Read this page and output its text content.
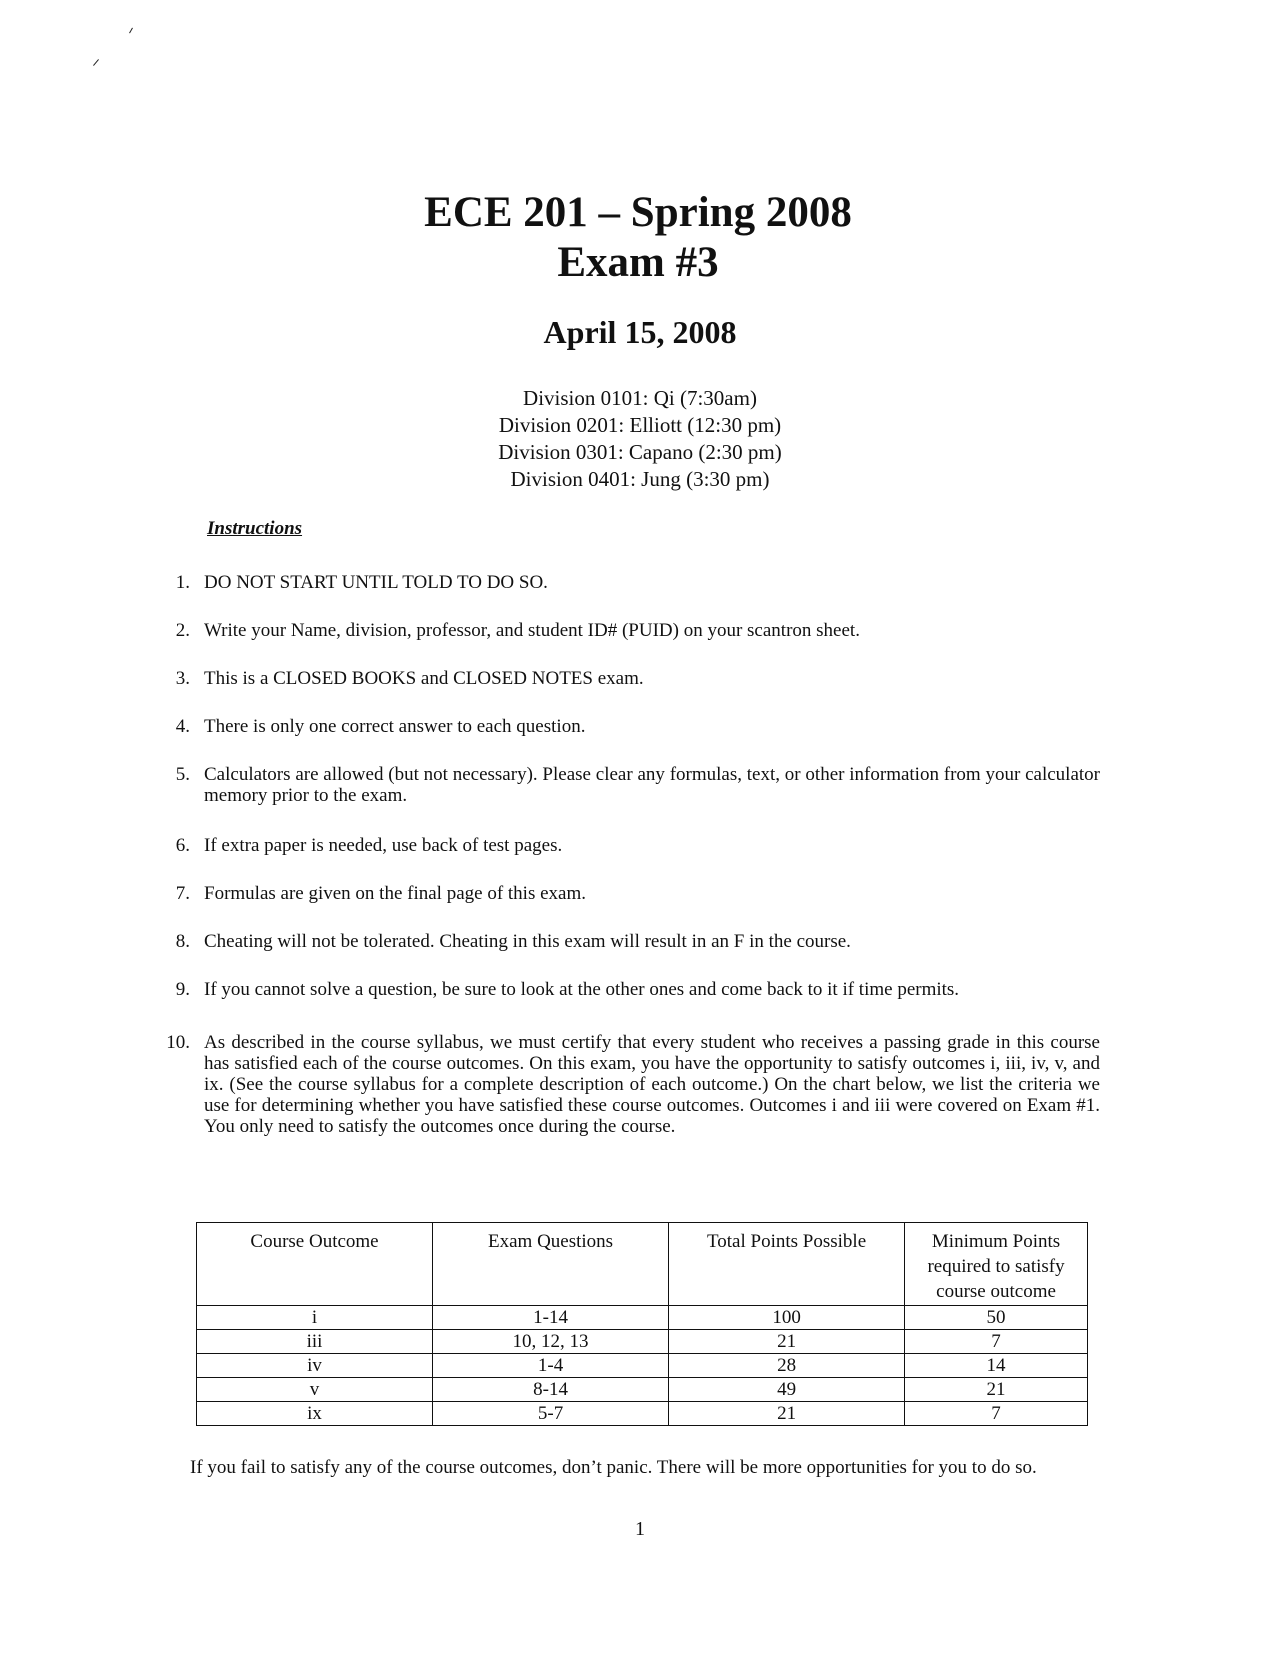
ECE 201 – Spring 2008
Exam #3
April 15, 2008
Division 0101: Qi (7:30am)
Division 0201: Elliott (12:30 pm)
Division 0301: Capano (2:30 pm)
Division 0401: Jung (3:30 pm)
Instructions
1. DO NOT START UNTIL TOLD TO DO SO.
2. Write your Name, division, professor, and student ID# (PUID) on your scantron sheet.
3. This is a CLOSED BOOKS and CLOSED NOTES exam.
4. There is only one correct answer to each question.
5. Calculators are allowed (but not necessary). Please clear any formulas, text, or other information from your calculator memory prior to the exam.
6. If extra paper is needed, use back of test pages.
7. Formulas are given on the final page of this exam.
8. Cheating will not be tolerated. Cheating in this exam will result in an F in the course.
9. If you cannot solve a question, be sure to look at the other ones and come back to it if time permits.
10. As described in the course syllabus, we must certify that every student who receives a passing grade in this course has satisfied each of the course outcomes. On this exam, you have the opportunity to satisfy outcomes i, iii, iv, v, and ix. (See the course syllabus for a complete description of each outcome.) On the chart below, we list the criteria we use for determining whether you have satisfied these course outcomes. Outcomes i and iii were covered on Exam #1. You only need to satisfy the outcomes once during the course.
Course Outcome	Exam Questions	Total Points Possible	Minimum Points required to satisfy course outcome
i	1-14	100	50
iii	10, 12, 13	21	7
iv	1-4	28	14
v	8-14	49	21
ix	5-7	21	7
If you fail to satisfy any of the course outcomes, don’t panic. There will be more opportunities for you to do so.
1
